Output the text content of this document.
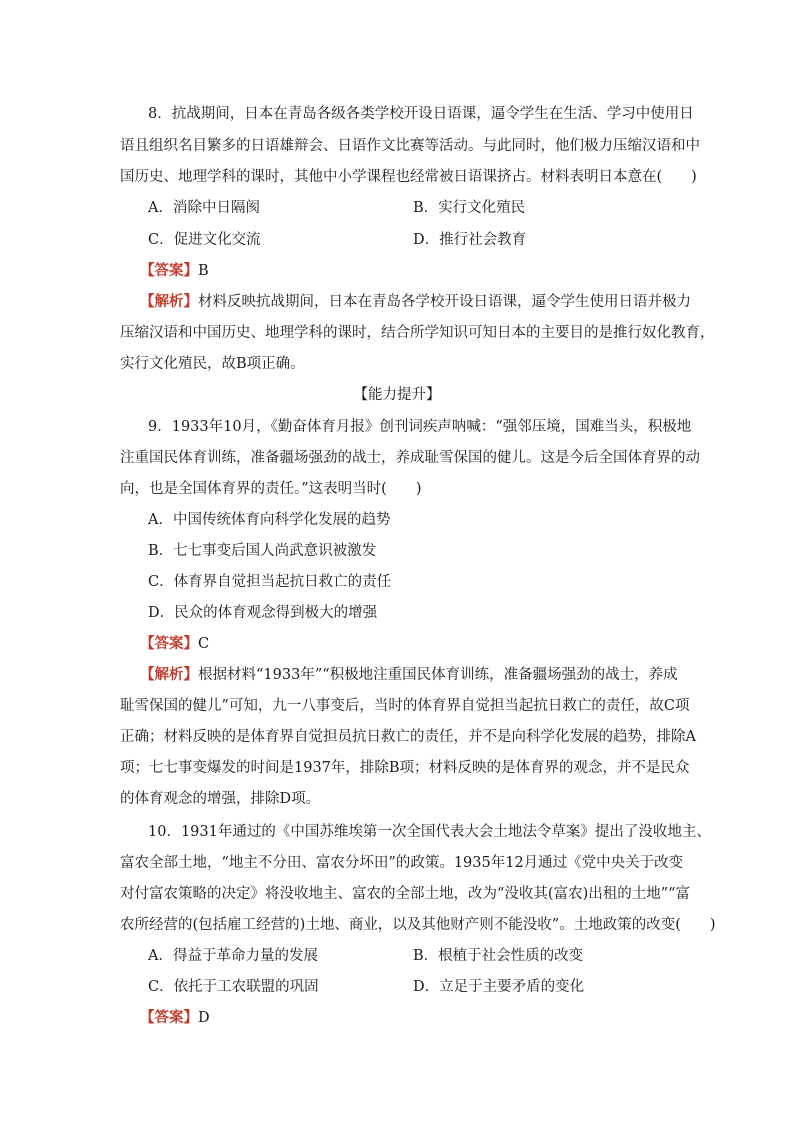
8．抗战期间，日本在青岛各级各类学校开设日语课，逼令学生在生活、学习中使用日
语且组织名目繁多的日语雄辩会、日语作文比赛等活动。与此同时，他们极力压缩汉语和中
国历史、地理学科的课时，其他中小学课程也经常被日语课挤占。材料表明日本意在(　　)
A．消除中日隔阂	B．实行文化殖民
C．促进文化交流	D．推行社会教育
【答案】B
【解析】材料反映抗战期间，日本在青岛各学校开设日语课，逼令学生使用日语并极力
压缩汉语和中国历史、地理学科的课时，结合所学知识可知日本的主要目的是推行奴化教育，
实行文化殖民，故B项正确。
【能力提升】
9．1933年10月，《勤奋体育月报》创刊词疾声呐喊：“强邻压境，国难当头，积极地
注重国民体育训练，准备疆场强劲的战士，养成耻雪保国的健儿。这是今后全国体育界的动
向，也是全国体育界的责任。”这表明当时(　　)
A．中国传统体育向科学化发展的趋势
B．七七事变后国人尚武意识被激发
C．体育界自觉担当起抗日救亡的责任
D．民众的体育观念得到极大的增强
【答案】C
【解析】根据材料“1933年”“积极地注重国民体育训练，准备疆场强劲的战士，养成
耻雪保国的健儿”可知，九一八事变后，当时的体育界自觉担当起抗日救亡的责任，故C项
正确；材料反映的是体育界自觉担员抗日救亡的责任，并不是向科学化发展的趋势，排除A
项；七七事变爆发的时间是1937年，排除B项；材料反映的是体育界的观念，并不是民众
的体育观念的增强，排除D项。
10．1931年通过的《中国苏维埃第一次全国代表大会土地法令草案》提出了没收地主、
富农全部土地，“地主不分田、富农分坏田”的政策。1935年12月通过《党中央关于改变
对付富农策略的决定》将没收地主、富农的全部土地，改为“没收其(富农)出租的土地”“富
农所经营的(包括雇工经营的)土地、商业，以及其他财产则不能没收”。土地政策的改变(　　)
A．得益于革命力量的发展	B．根植于社会性质的改变
C．依托于工农联盟的巩固	D．立足于主要矛盾的变化
【答案】D
